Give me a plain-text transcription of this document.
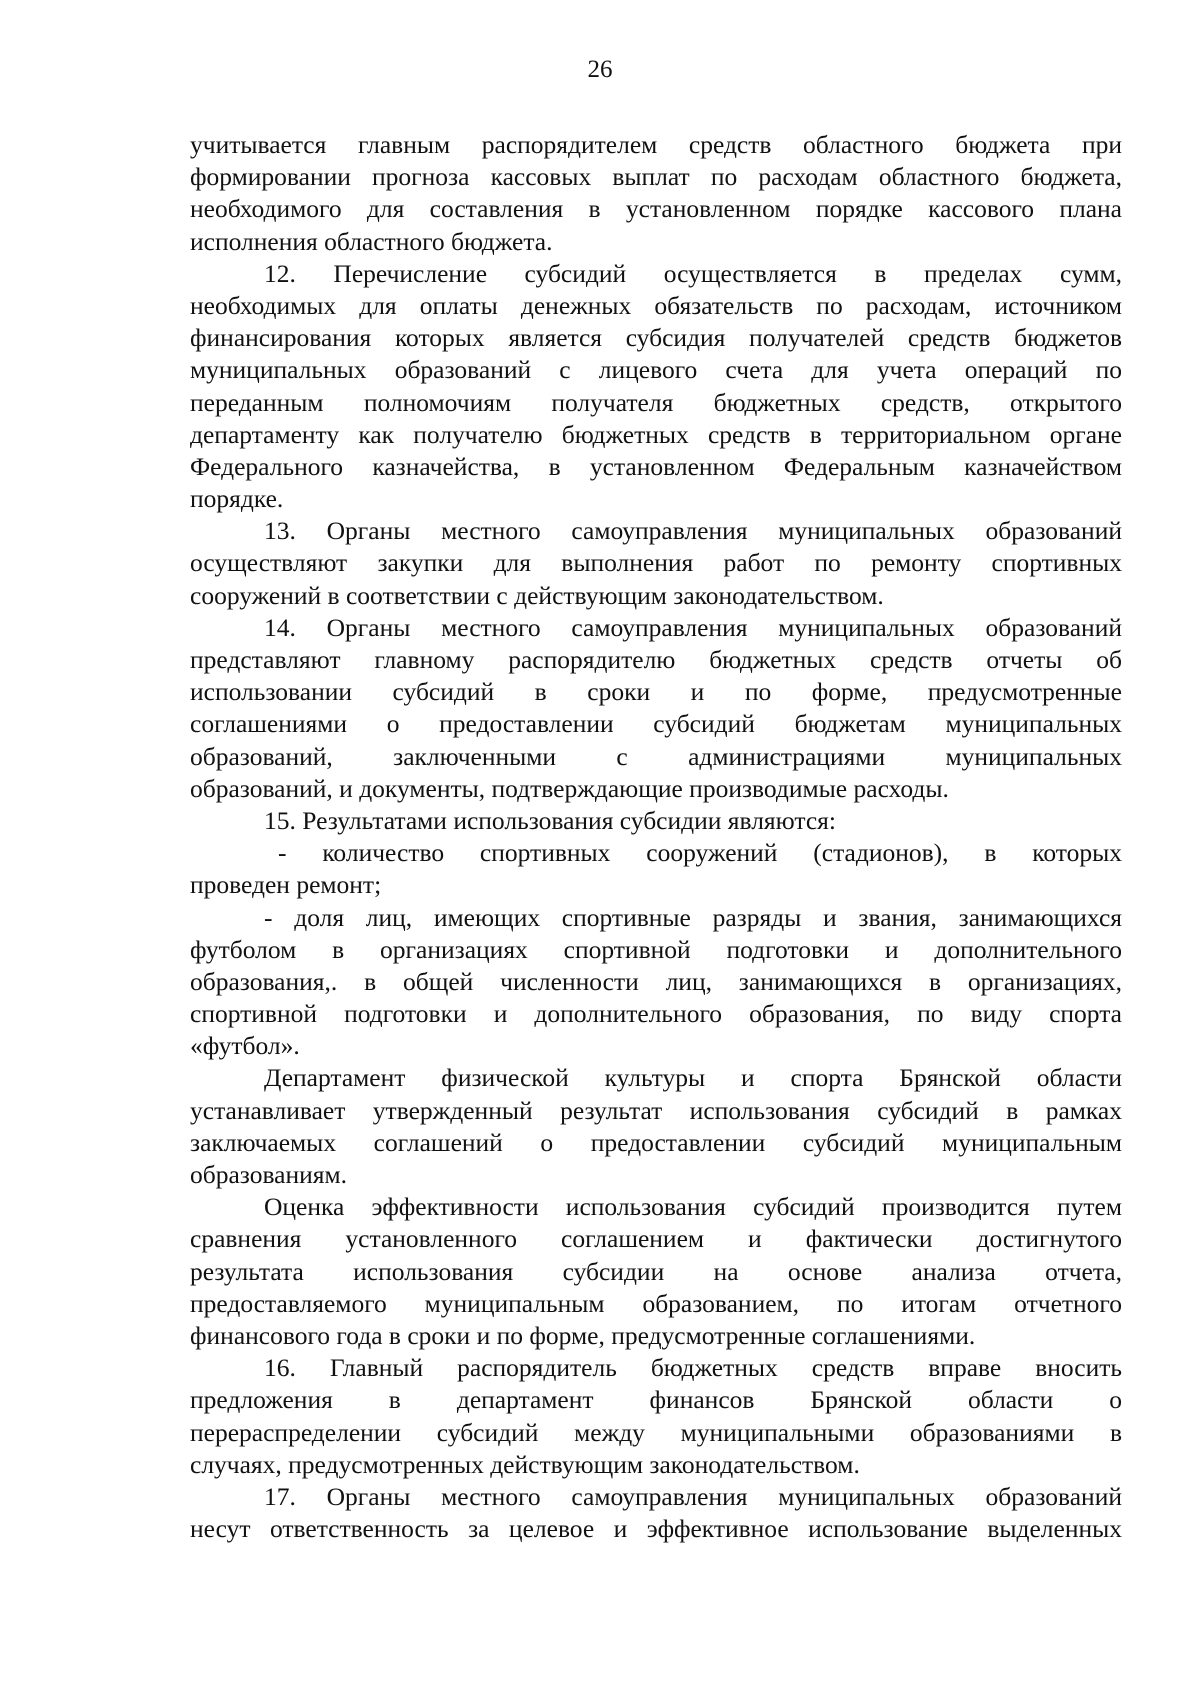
26
учитывается главным распорядителем средств областного бюджета при
формировании прогноза кассовых выплат по расходам областного бюджета,
необходимого для составления в установленном порядке кассового плана
исполнения областного бюджета.
12. Перечисление субсидий осуществляется в пределах сумм,
необходимых для оплаты денежных обязательств по расходам, источником
финансирования которых является субсидия получателей средств бюджетов
муниципальных образований с лицевого счета для учета операций по
переданным полномочиям получателя бюджетных средств, открытого
департаменту как получателю бюджетных средств в территориальном органе
Федерального казначейства, в установленном Федеральным казначейством
порядке.
13. Органы местного самоуправления муниципальных образований
осуществляют закупки для выполнения работ по ремонту спортивных
сооружений в соответствии с действующим законодательством.
14. Органы местного самоуправления муниципальных образований
представляют главному распорядителю бюджетных средств отчеты об
использовании субсидий в сроки и по форме, предусмотренные
соглашениями о предоставлении субсидий бюджетам муниципальных
образований, заключенными с администрациями муниципальных
образований, и документы, подтверждающие производимые расходы.
15. Результатами использования субсидии являются:
- количество спортивных сооружений (стадионов), в которых
проведен ремонт;
- доля лиц, имеющих спортивные разряды и звания, занимающихся
футболом в организациях спортивной подготовки и дополнительного
образования,. в общей численности лиц, занимающихся в организациях,
спортивной подготовки и дополнительного образования, по виду спорта
«футбол».
Департамент физической культуры и спорта Брянской области
устанавливает утвержденный результат использования субсидий в рамках
заключаемых соглашений о предоставлении субсидий муниципальным
образованиям.
Оценка эффективности использования субсидий производится путем
сравнения установленного соглашением и фактически достигнутого
результата использования субсидии на основе анализа отчета,
предоставляемого муниципальным образованием, по итогам отчетного
финансового года в сроки и по форме, предусмотренные соглашениями.
16. Главный распорядитель бюджетных средств вправе вносить
предложения в департамент финансов Брянской области о
перераспределении субсидий между муниципальными образованиями в
случаях, предусмотренных действующим законодательством.
17. Органы местного самоуправления муниципальных образований
несут ответственность за целевое и эффективное использование выделенных
